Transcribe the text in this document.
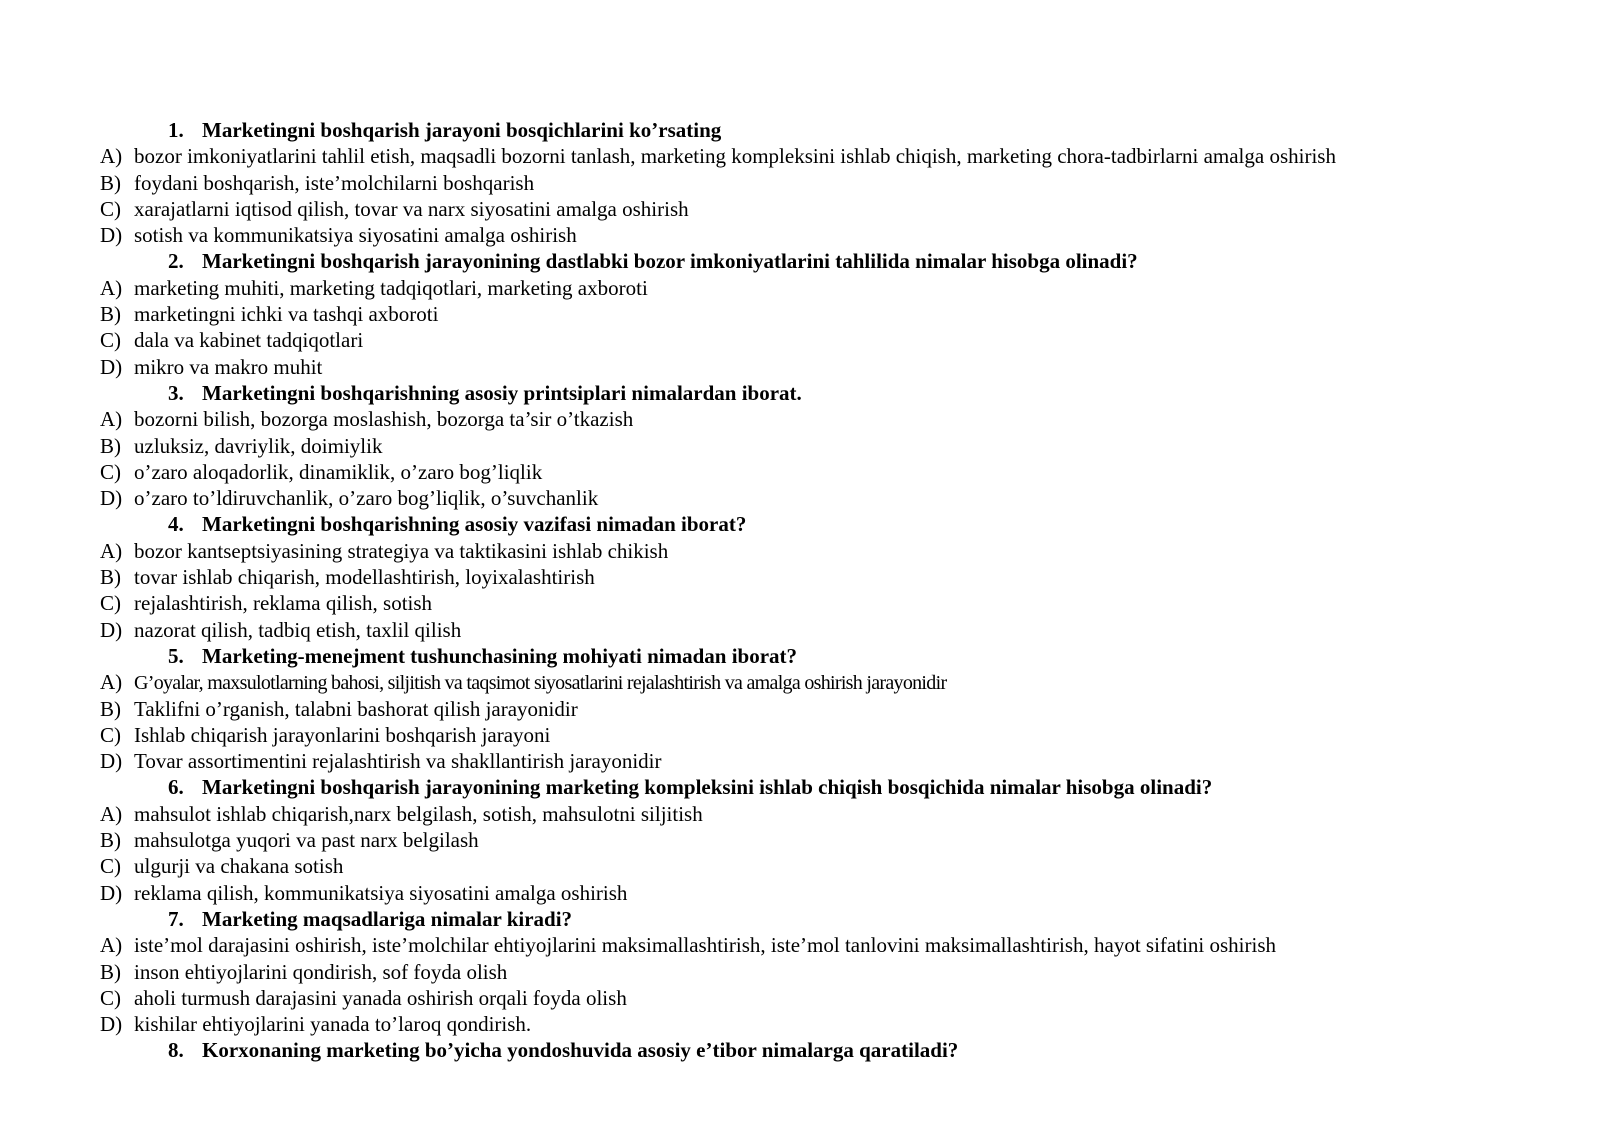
1. Marketingni boshqarish jarayoni bosqichlarini ko’rsating
A) bozor imkoniyatlarini tahlil etish, maqsadli bozorni tanlash, marketing kompleksini ishlab chiqish, marketing chora-tadbirlarni amalga oshirish
B) foydani boshqarish, iste’molchilarni boshqarish
C) xarajatlarni iqtisod qilish, tovar va narx siyosatini amalga oshirish
D) sotish va kommunikatsiya siyosatini amalga oshirish
2. Marketingni boshqarish jarayonining dastlabki bozor imkoniyatlarini tahlilida nimalar hisobga olinadi?
A) marketing muhiti, marketing tadqiqotlari, marketing axboroti
B) marketingni ichki va tashqi axboroti
C) dala va kabinet tadqiqotlari
D) mikro va makro muhit
3. Marketingni boshqarishning asosiy printsiplari nimalardan iborat.
A) bozorni bilish, bozorga moslashish, bozorga ta’sir o’tkazish
B) uzluksiz, davriylik, doimiylik
C) o’zaro aloqadorlik, dinamiklik, o’zaro bog’liqlik
D) o’zaro to’ldiruvchanlik, o’zaro bog’liqlik, o’suvchanlik
4. Marketingni boshqarishning asosiy vazifasi nimadan iborat?
A) bozor kantseptsiyasining strategiya va taktikasini ishlab chikish
B) tovar ishlab chiqarish, modellashtirish, loyixalashtirish
C) rejalashtirish, reklama qilish, sotish
D) nazorat qilish, tadbiq etish, taxlil qilish
5. Marketing-menejment tushunchasining mohiyati nimadan iborat?
A) G’oyalar, maxsulotlarning bahosi, siljitish va taqsimot siyosatlarini rejalashtirish va amalga oshirish jarayonidir
B) Taklifni o’rganish, talabni bashorat qilish jarayonidir
C) Ishlab chiqarish jarayonlarini boshqarish jarayoni
D) Tovar assortimentini rejalashtirish va shakllantirish jarayonidir
6. Marketingni boshqarish jarayonining marketing kompleksini ishlab chiqish bosqichida nimalar hisobga olinadi?
A) mahsulot ishlab chiqarish,narx belgilash, sotish, mahsulotni siljitish
B) mahsulotga yuqori va past narx belgilash
C) ulgurji va chakana sotish
D) reklama qilish, kommunikatsiya siyosatini amalga oshirish
7. Marketing maqsadlariga nimalar kiradi?
A) iste’mol darajasini oshirish, iste’molchilar ehtiyojlarini maksimallashtirish, iste’mol tanlovini maksimallashtirish, hayot sifatini oshirish
B) inson ehtiyojlarini qondirish, sof foyda olish
C) aholi turmush darajasini yanada oshirish orqali foyda olish
D) kishilar ehtiyojlarini yanada to’laroq qondirish.
8. Korxonaning marketing bo’yicha yondoshuvida asosiy e’tibor nimalarga qaratiladi?
